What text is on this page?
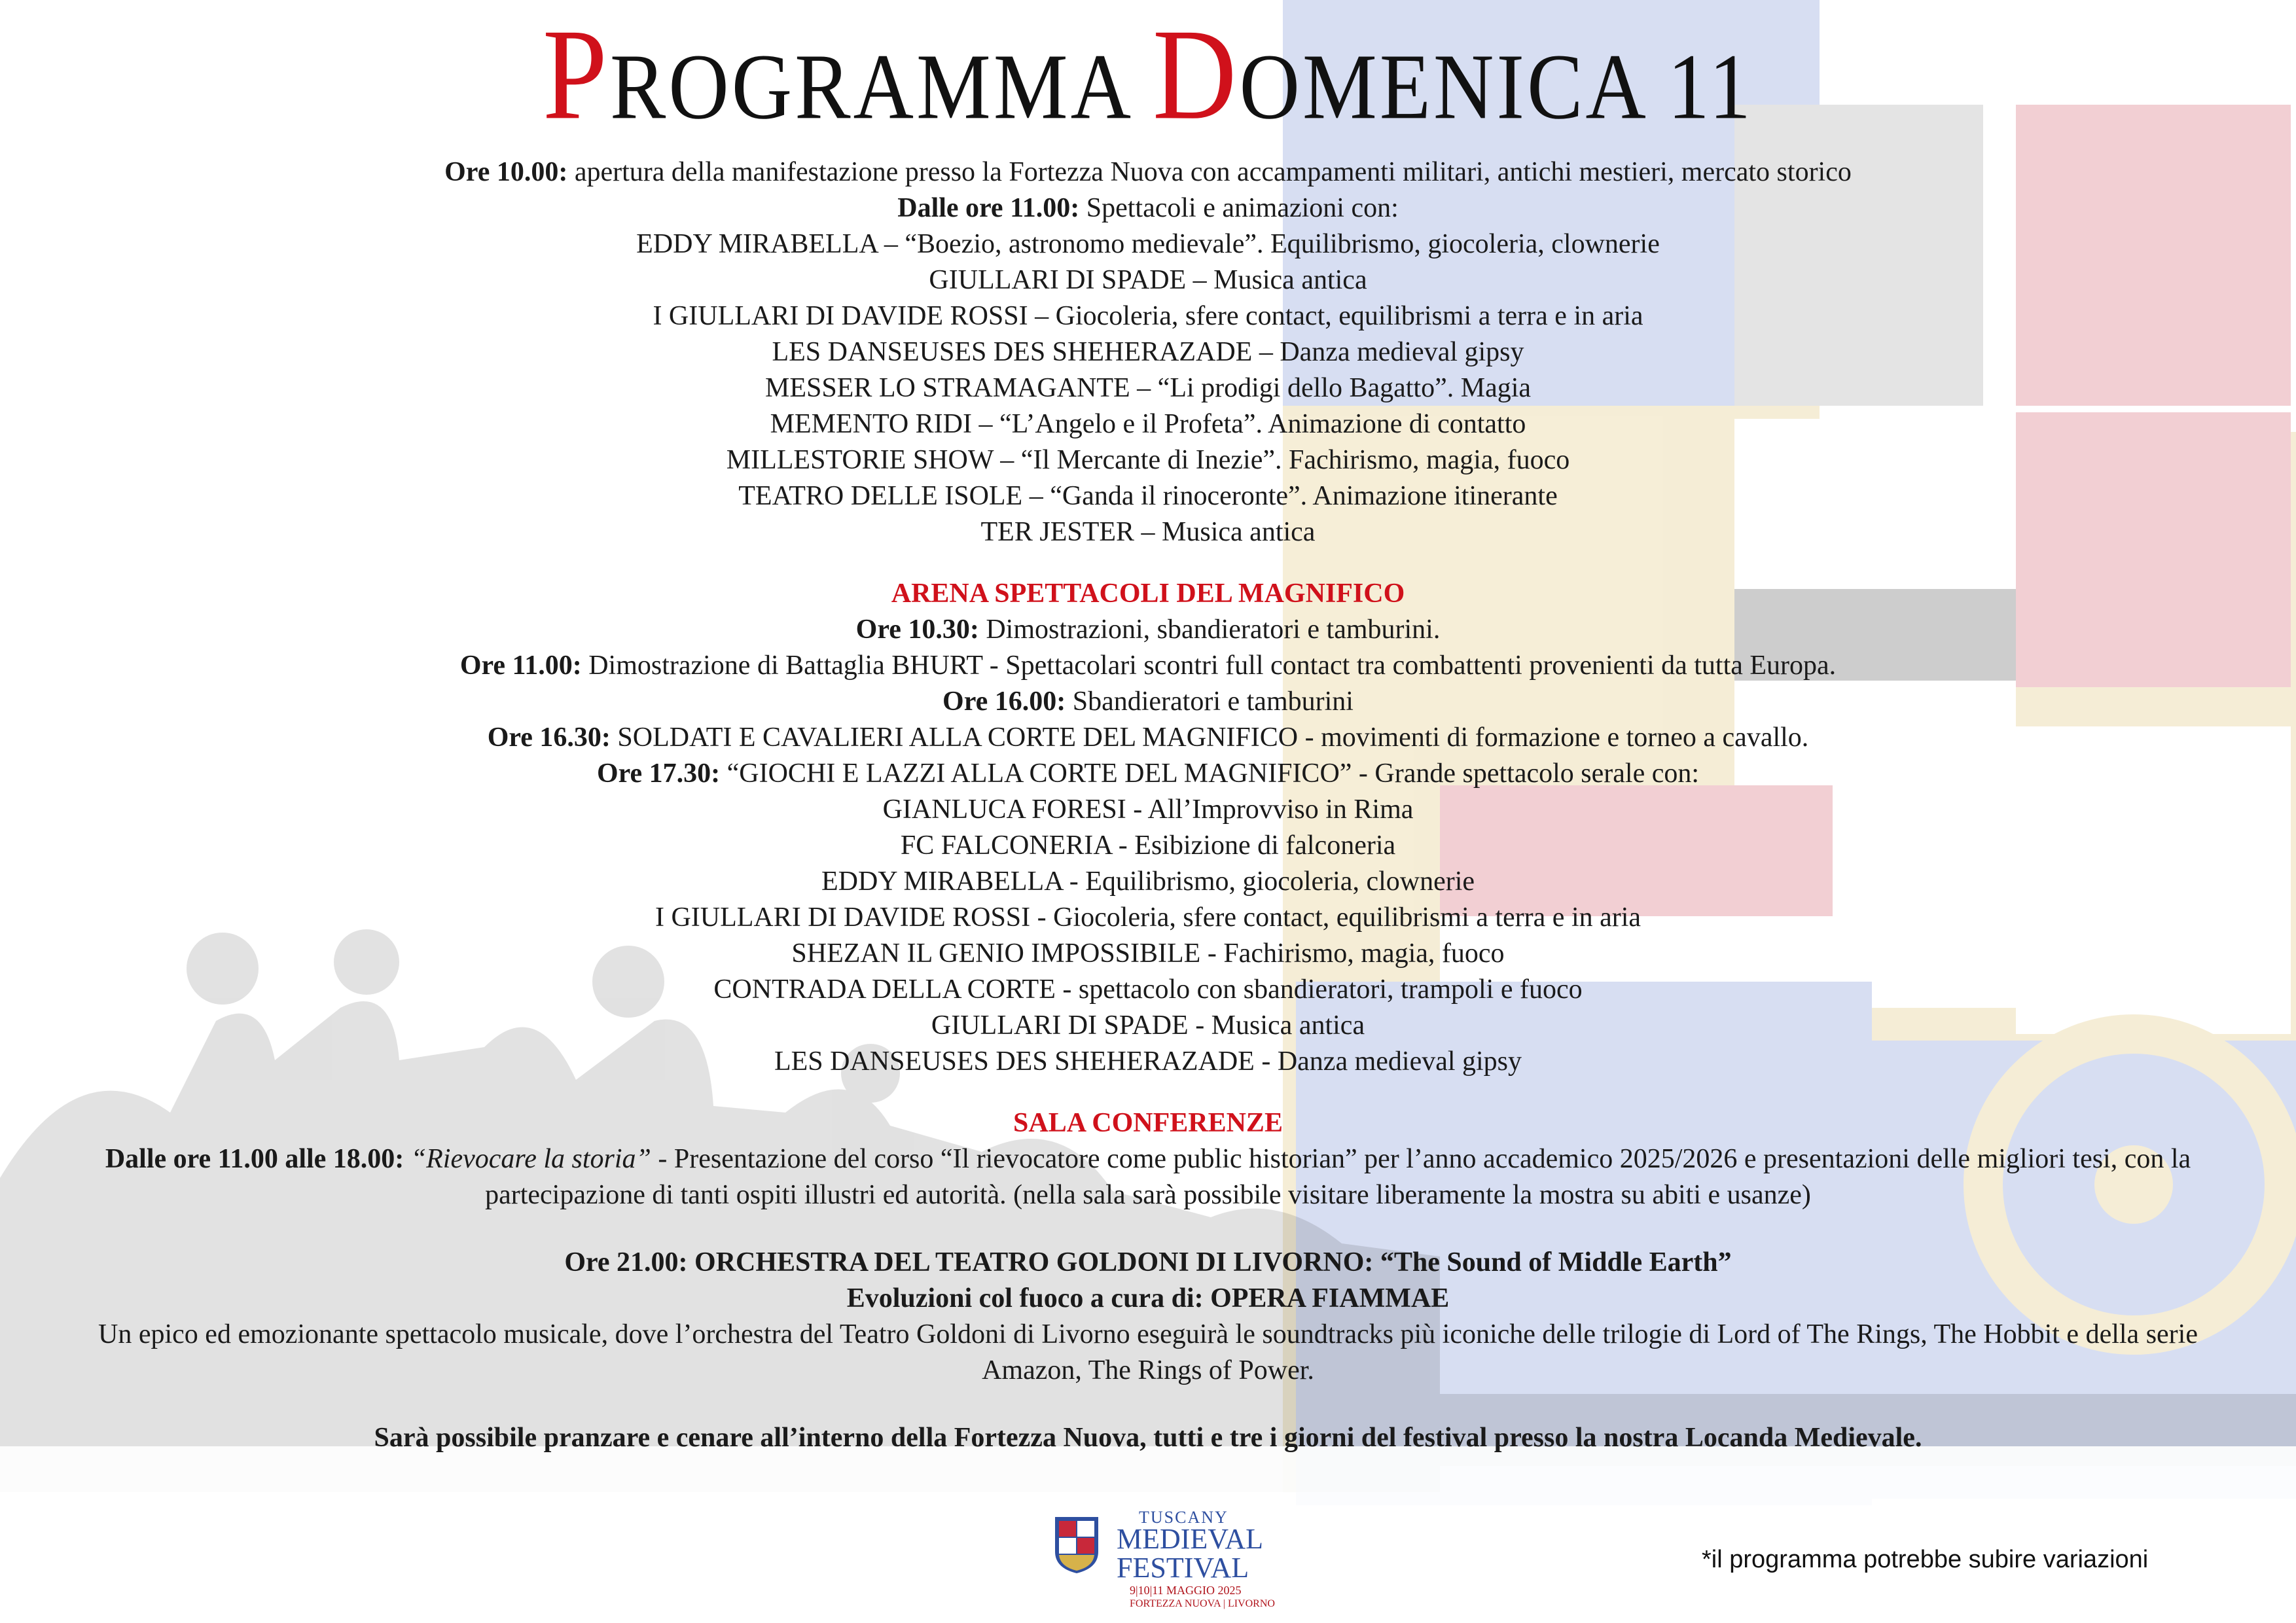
PROGRAMMA DOMENICA 11
Ore 10.00: apertura della manifestazione presso la Fortezza Nuova con accampamenti militari, antichi mestieri, mercato storico
Dalle ore 11.00: Spettacoli e animazioni con:
EDDY MIRABELLA – “Boezio, astronomo medievale”. Equilibrismo, giocoleria, clownerie
GIULLARI DI SPADE – Musica antica
I GIULLARI DI DAVIDE ROSSI – Giocoleria, sfere contact, equilibrismi a terra e in aria
LES DANSEUSES DES SHEHERAZADE – Danza medieval gipsy
MESSER LO STRAMAGANTE – “Li prodigi dello Bagatto”. Magia
MEMENTO RIDI – “L’Angelo e il Profeta”. Animazione di contatto
MILLESTORIE SHOW – “Il Mercante di Inezie”. Fachirismo, magia, fuoco
TEATRO DELLE ISOLE – “Ganda il rinoceronte”. Animazione itinerante
TER JESTER – Musica antica
ARENA SPETTACOLI DEL MAGNIFICO
Ore 10.30: Dimostrazioni, sbandieratori e tamburini.
Ore 11.00: Dimostrazione di Battaglia BHURT - Spettacolari scontri full contact tra combattenti provenienti da tutta Europa.
Ore 16.00: Sbandieratori e tamburini
Ore 16.30: SOLDATI E CAVALIERI ALLA CORTE DEL MAGNIFICO - movimenti di formazione e torneo a cavallo.
Ore 17.30: “GIOCHI E LAZZI ALLA CORTE DEL MAGNIFICO” - Grande spettacolo serale con:
GIANLUCA FORESI - All’Improvviso in Rima
FC FALCONERIA - Esibizione di falconeria
EDDY MIRABELLA - Equilibrismo, giocoleria, clownerie
I GIULLARI DI DAVIDE ROSSI - Giocoleria, sfere contact, equilibrismi a terra e in aria
SHEZAN IL GENIO IMPOSSIBILE - Fachirismo, magia, fuoco
CONTRADA DELLA CORTE - spettacolo con sbandieratori, trampoli e fuoco
GIULLARI DI SPADE - Musica antica
LES DANSEUSES DES SHEHERAZADE - Danza medieval gipsy
SALA CONFERENZE
Dalle ore 11.00 alle 18.00: “Rievocare la storia” - Presentazione del corso “Il rievocatore come public historian” per l’anno accademico 2025/2026 e presentazioni delle migliori tesi, con la partecipazione di tanti ospiti illustri ed autorità. (nella sala sarà possibile visitare liberamente la mostra su abiti e usanze)
Ore 21.00: ORCHESTRA DEL TEATRO GOLDONI DI LIVORNO: “The Sound of Middle Earth”
Evoluzioni col fuoco a cura di: OPERA FIAMMAE
Un epico ed emozionante spettacolo musicale, dove l’orchestra del Teatro Goldoni di Livorno eseguirà le soundtracks più iconiche delle trilogie di Lord of The Rings, The Hobbit e della serie Amazon, The Rings of Power.
Sarà possibile pranzare e cenare all’interno della Fortezza Nuova, tutti e tre i giorni del festival presso la nostra Locanda Medievale.
TUSCANY
MEDIEVAL
FESTIVAL
9|10|11 MAGGIO 2025
FORTEZZA NUOVA | LIVORNO
*il programma potrebbe subire variazioni
